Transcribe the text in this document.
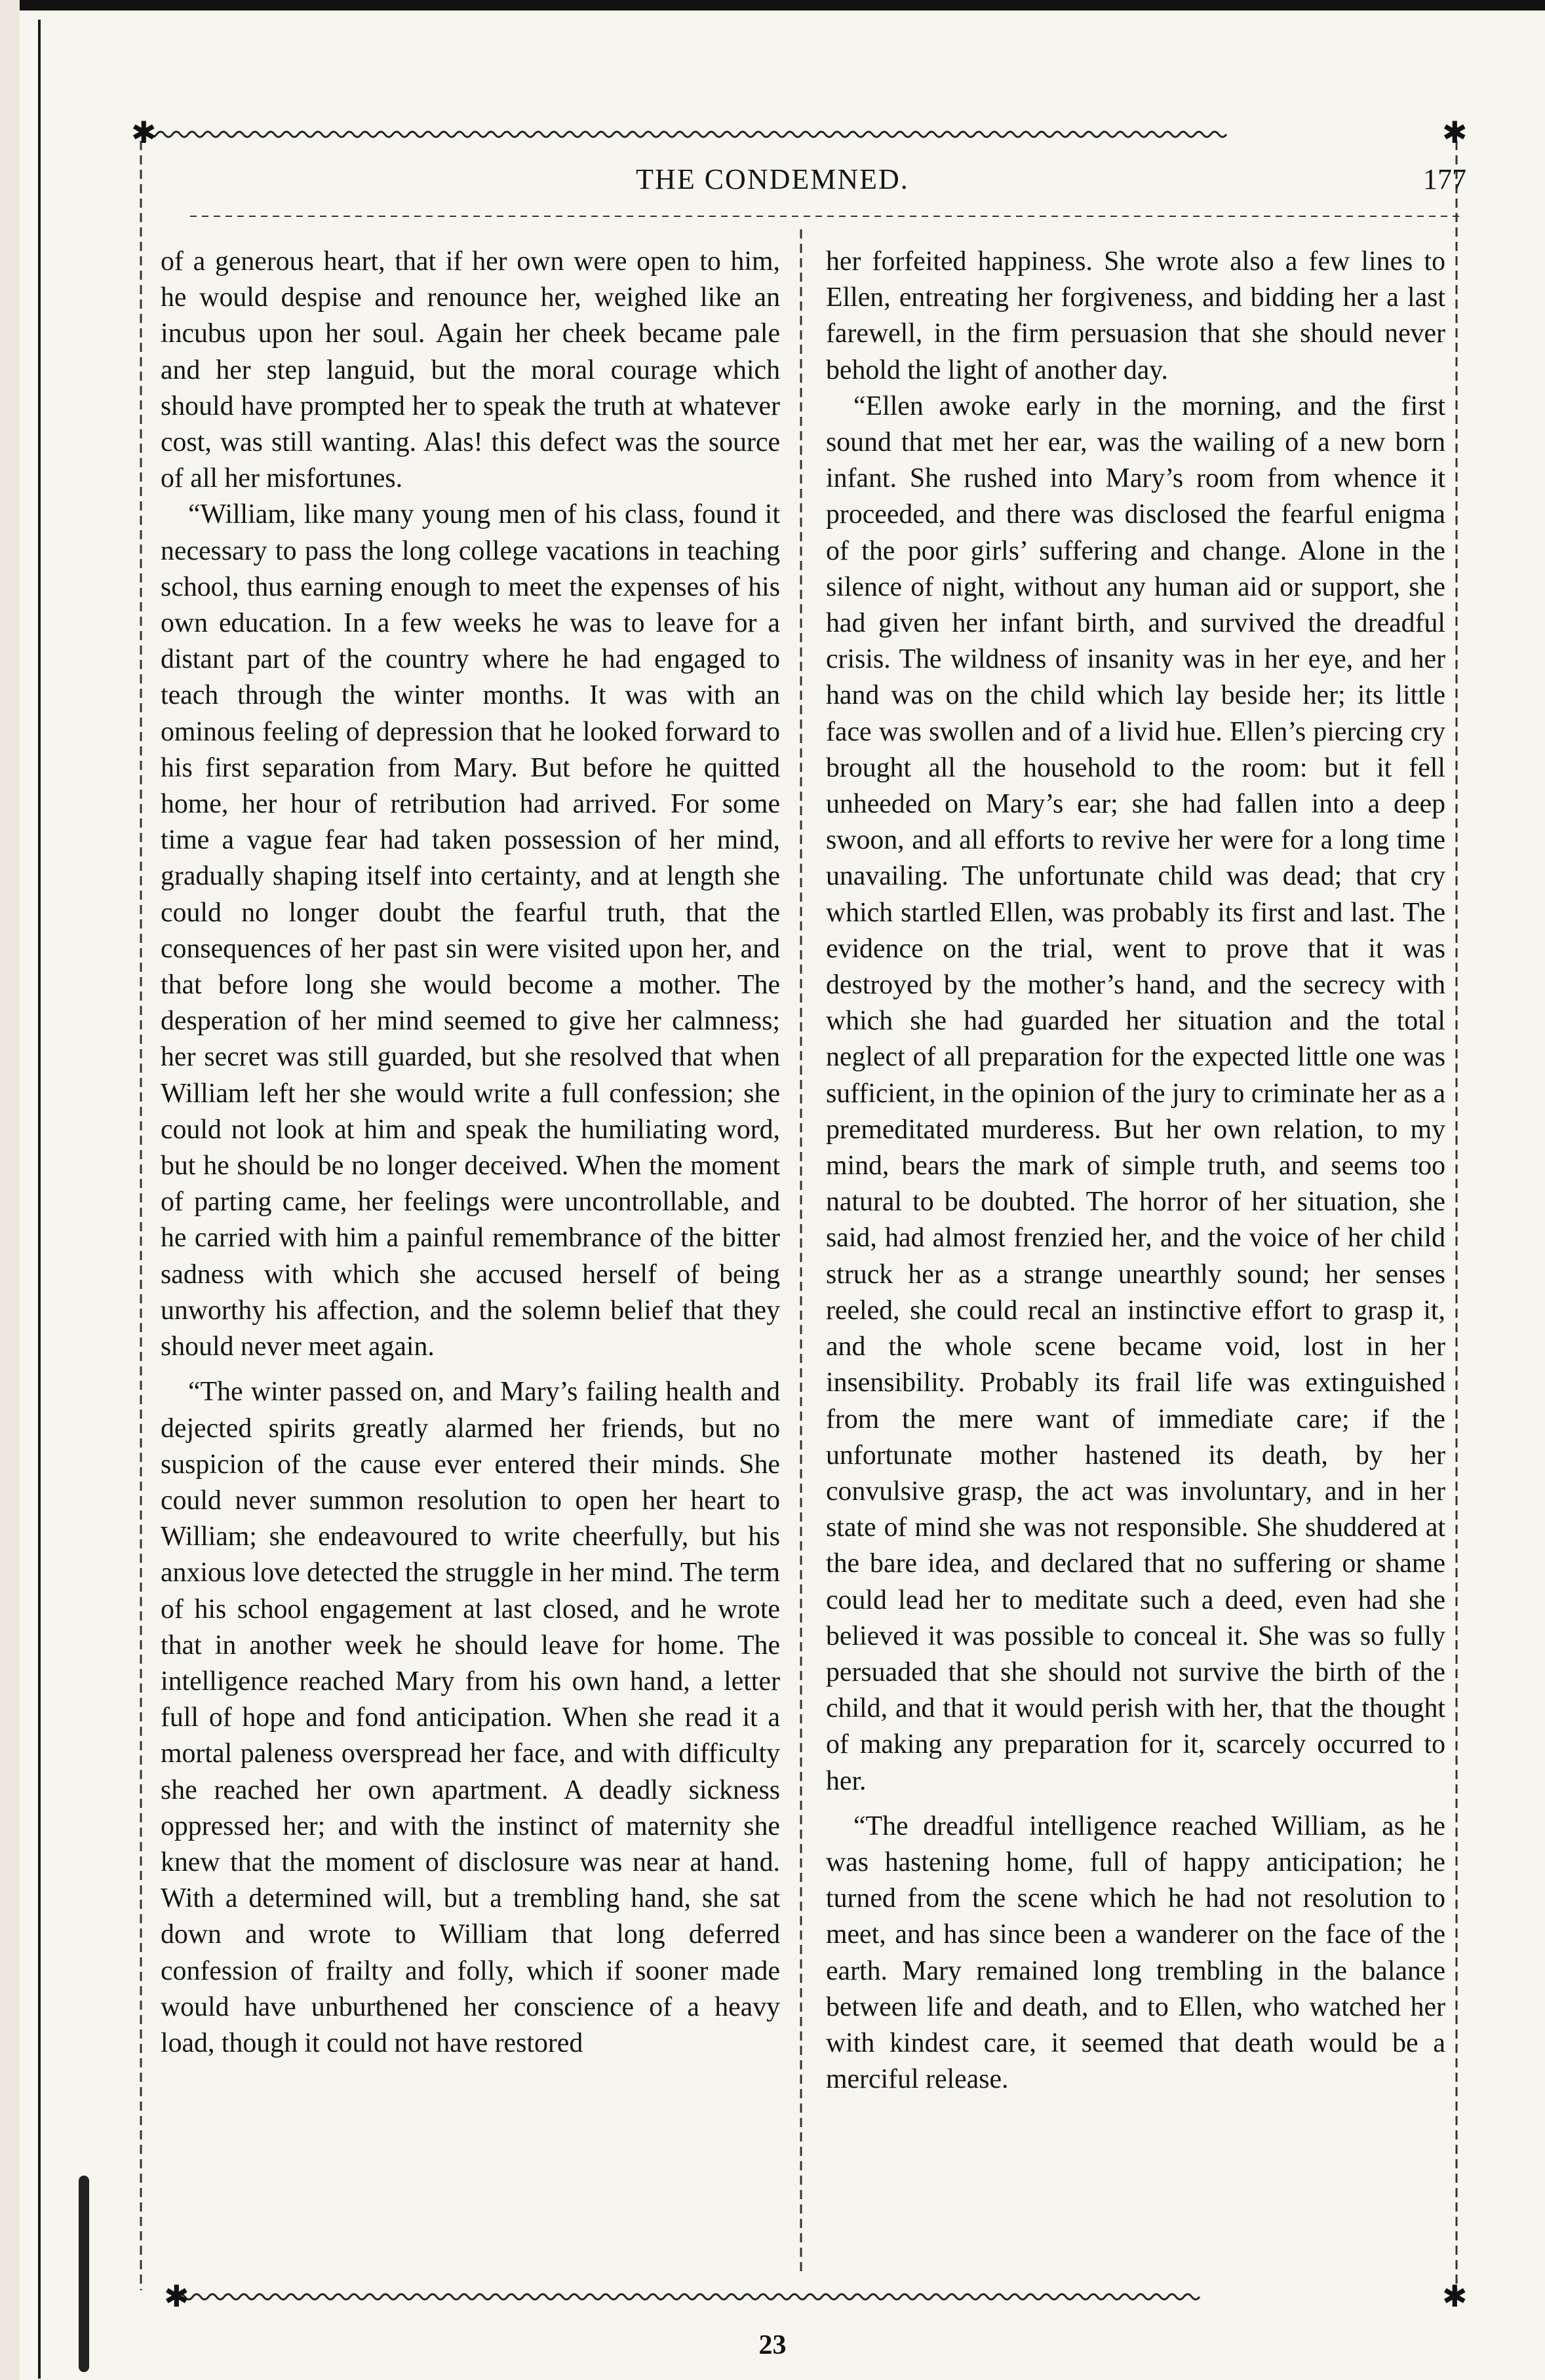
✱	✱
✱	✱
THE CONDEMNED.	177

of a generous heart, that if her own were open to him, he would despise and renounce her, weighed like an incubus upon her soul. Again her cheek became pale and her step languid, but the moral courage which should have prompted her to speak the truth at whatever cost, was still wanting. Alas! this defect was the source of all her misfortunes.

“William, like many young men of his class, found it necessary to pass the long college vacations in teaching school, thus earning enough to meet the expenses of his own education. In a few weeks he was to leave for a distant part of the country where he had engaged to teach through the winter months. It was with an ominous feeling of depression that he looked forward to his first separation from Mary. But before he quitted home, her hour of retribution had arrived. For some time a vague fear had taken possession of her mind, gradually shaping itself into certainty, and at length she could no longer doubt the fearful truth, that the consequences of her past sin were visited upon her, and that before long she would become a mother. The desperation of her mind seemed to give her calmness; her secret was still guarded, but she resolved that when William left her she would write a full confession; she could not look at him and speak the humiliating word, but he should be no longer deceived. When the moment of parting came, her feelings were uncontrollable, and he carried with him a painful remembrance of the bitter sadness with which she accused herself of being unworthy his affection, and the solemn belief that they should never meet again.

“The winter passed on, and Mary’s failing health and dejected spirits greatly alarmed her friends, but no suspicion of the cause ever entered their minds. She could never summon resolution to open her heart to William; she endeavoured to write cheerfully, but his anxious love detected the struggle in her mind. The term of his school engagement at last closed, and he wrote that in another week he should leave for home. The intelligence reached Mary from his own hand, a letter full of hope and fond anticipation. When she read it a mortal paleness overspread her face, and with difficulty she reached her own apartment. A deadly sickness oppressed her; and with the instinct of maternity she knew that the moment of disclosure was near at hand. With a determined will, but a trembling hand, she sat down and wrote to William that long deferred confession of frailty and folly, which if sooner made would have unburthened her conscience of a heavy load, though it could not have restored

her forfeited happiness. She wrote also a few lines to Ellen, entreating her forgiveness, and bidding her a last farewell, in the firm persuasion that she should never behold the light of another day.

“Ellen awoke early in the morning, and the first sound that met her ear, was the wailing of a new born infant. She rushed into Mary’s room from whence it proceeded, and there was disclosed the fearful enigma of the poor girls’ suffering and change. Alone in the silence of night, without any human aid or support, she had given her infant birth, and survived the dreadful crisis. The wildness of insanity was in her eye, and her hand was on the child which lay beside her; its little face was swollen and of a livid hue. Ellen’s piercing cry brought all the household to the room: but it fell unheeded on Mary’s ear; she had fallen into a deep swoon, and all efforts to revive her were for a long time unavailing. The unfortunate child was dead; that cry which startled Ellen, was probably its first and last. The evidence on the trial, went to prove that it was destroyed by the mother’s hand, and the secrecy with which she had guarded her situation and the total neglect of all preparation for the expected little one was sufficient, in the opinion of the jury to criminate her as a premeditated murderess. But her own relation, to my mind, bears the mark of simple truth, and seems too natural to be doubted. The horror of her situation, she said, had almost frenzied her, and the voice of her child struck her as a strange unearthly sound; her senses reeled, she could recal an instinctive effort to grasp it, and the whole scene became void, lost in her insensibility. Probably its frail life was extinguished from the mere want of immediate care; if the unfortunate mother hastened its death, by her convulsive grasp, the act was involuntary, and in her state of mind she was not responsible. She shuddered at the bare idea, and declared that no suffering or shame could lead her to meditate such a deed, even had she believed it was possible to conceal it. She was so fully persuaded that she should not survive the birth of the child, and that it would perish with her, that the thought of making any preparation for it, scarcely occurred to her.

“The dreadful intelligence reached William, as he was hastening home, full of happy anticipation; he turned from the scene which he had not resolution to meet, and has since been a wanderer on the face of the earth. Mary remained long trembling in the balance between life and death, and to Ellen, who watched her with kindest care, it seemed that death would be a merciful release.

23
